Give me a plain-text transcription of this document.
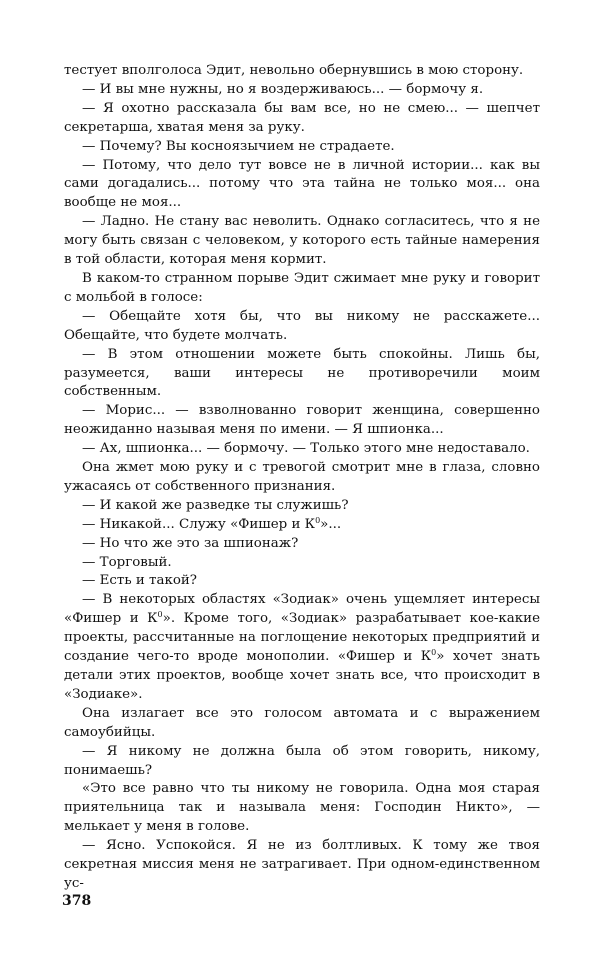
тестует вполголоса Эдит, невольно обернувшись в мою сторону.

— И вы мне нужны, но я воздерживаюсь... — бормочу я.

— Я охотно рассказала бы вам все, но не смею... — шепчет секретарша, хватая меня за руку.

— Почему? Вы косноязычием не страдаете.

— Потому, что дело тут вовсе не в личной истории... как вы сами догадались... потому что эта тайна не только моя... она вообще не моя...

— Ладно. Не стану вас неволить. Однако согласитесь, что я не могу быть связан с человеком, у которого есть тайные намерения в той области, которая меня кормит.

В каком-то странном порыве Эдит сжимает мне руку и говорит с мольбой в голосе:

— Обещайте хотя бы, что вы никому не расскажете... Обещайте, что будете молчать.

— В этом отношении можете быть спокойны. Лишь бы, разумеется, ваши интересы не противоречили моим собственным.

— Морис... — взволнованно говорит женщина, совершенно неожиданно называя меня по имени. — Я шпионка...

— Ах, шпионка... — бормочу. — Только этого мне недоставало.

Она жмет мою руку и с тревогой смотрит мне в глаза, словно ужасаясь от собственного признания.

— И какой же разведке ты служишь?

— Никакой... Служу «Фишер и $К^0$»...

— Но что же это за шпионаж?

— Торговый.

— Есть и такой?

— В некоторых областях «Зодиак» очень ущемляет интересы «Фишер и $К^0$». Кроме того, «Зодиак» разрабатывает кое-какие проекты, рассчитанные на поглощение некоторых предприятий и создание чего-то вроде монополии. «Фишер и $К^0$» хочет знать детали этих проектов, вообще хочет знать все, что происходит в «Зодиаке».

Она излагает все это голосом автомата и с выражением самоубийцы.

— Я никому не должна была об этом говорить, никому, понимаешь?

«Это все равно что ты никому не говорила. Одна моя старая приятельница так и называла меня: Господин Никто», — мелькает у меня в голове.

— Ясно. Успокойся. Я не из болтливых. К тому же твоя секретная миссия меня не затрагивает. При одном-единственном ус-

378
